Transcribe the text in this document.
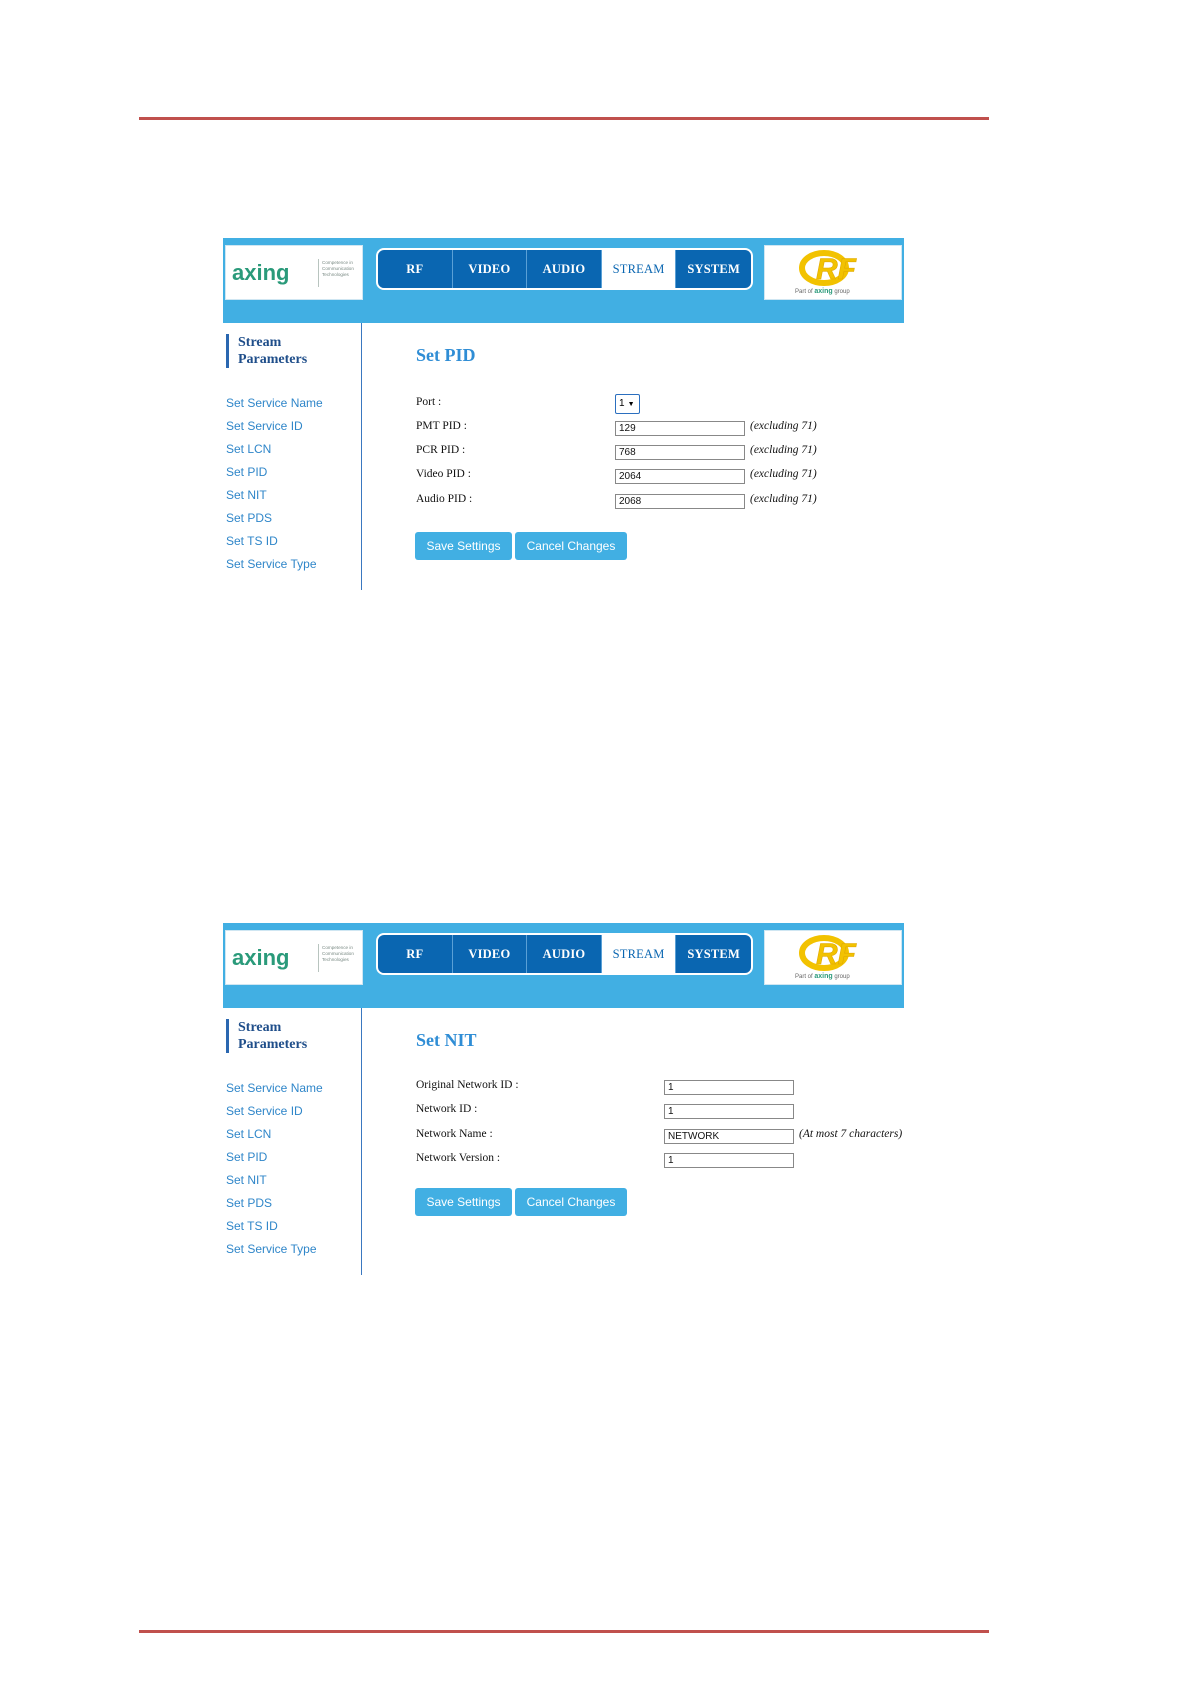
axing	Competence in Communication Technologies	RF	VIDEO	AUDIO	STREAM	SYSTEM	RF
Part of axing group
Stream Parameters
Set Service Name
Set Service ID
Set LCN
Set PID
Set NIT
Set PDS
Set TS ID
Set Service Type
Set PID
Port :	1 ▼
PMT PID :	129	(excluding 71)
PCR PID :	768	(excluding 71)
Video PID :	2064	(excluding 71)
Audio PID :	2068	(excluding 71)
Save Settings	Cancel Changes
axing	Competence in Communication Technologies	RF	VIDEO	AUDIO	STREAM	SYSTEM	RF
Part of axing group
Stream Parameters
Set Service Name
Set Service ID
Set LCN
Set PID
Set NIT
Set PDS
Set TS ID
Set Service Type
Set NIT
Original Network ID :	1
Network ID :	1
Network Name :	NETWORK	(At most 7 characters)
Network Version :	1
Save Settings	Cancel Changes
